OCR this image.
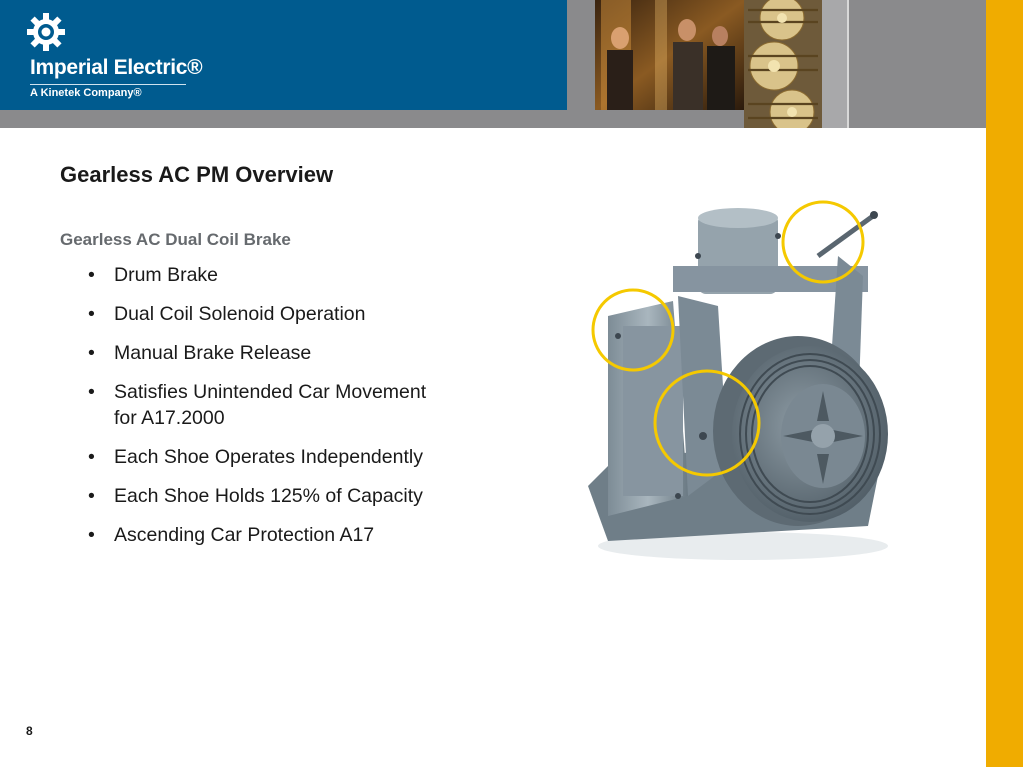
Imperial Electric®
A Kinetek Company®
Gearless AC PM Overview
Gearless AC Dual Coil Brake
• Drum Brake
• Dual Coil Solenoid Operation
• Manual Brake Release
• Satisfies Unintended Car Movement
for A17.2000
• Each Shoe Operates Independently
• Each Shoe Holds 125% of Capacity
• Ascending Car Protection A17
8
